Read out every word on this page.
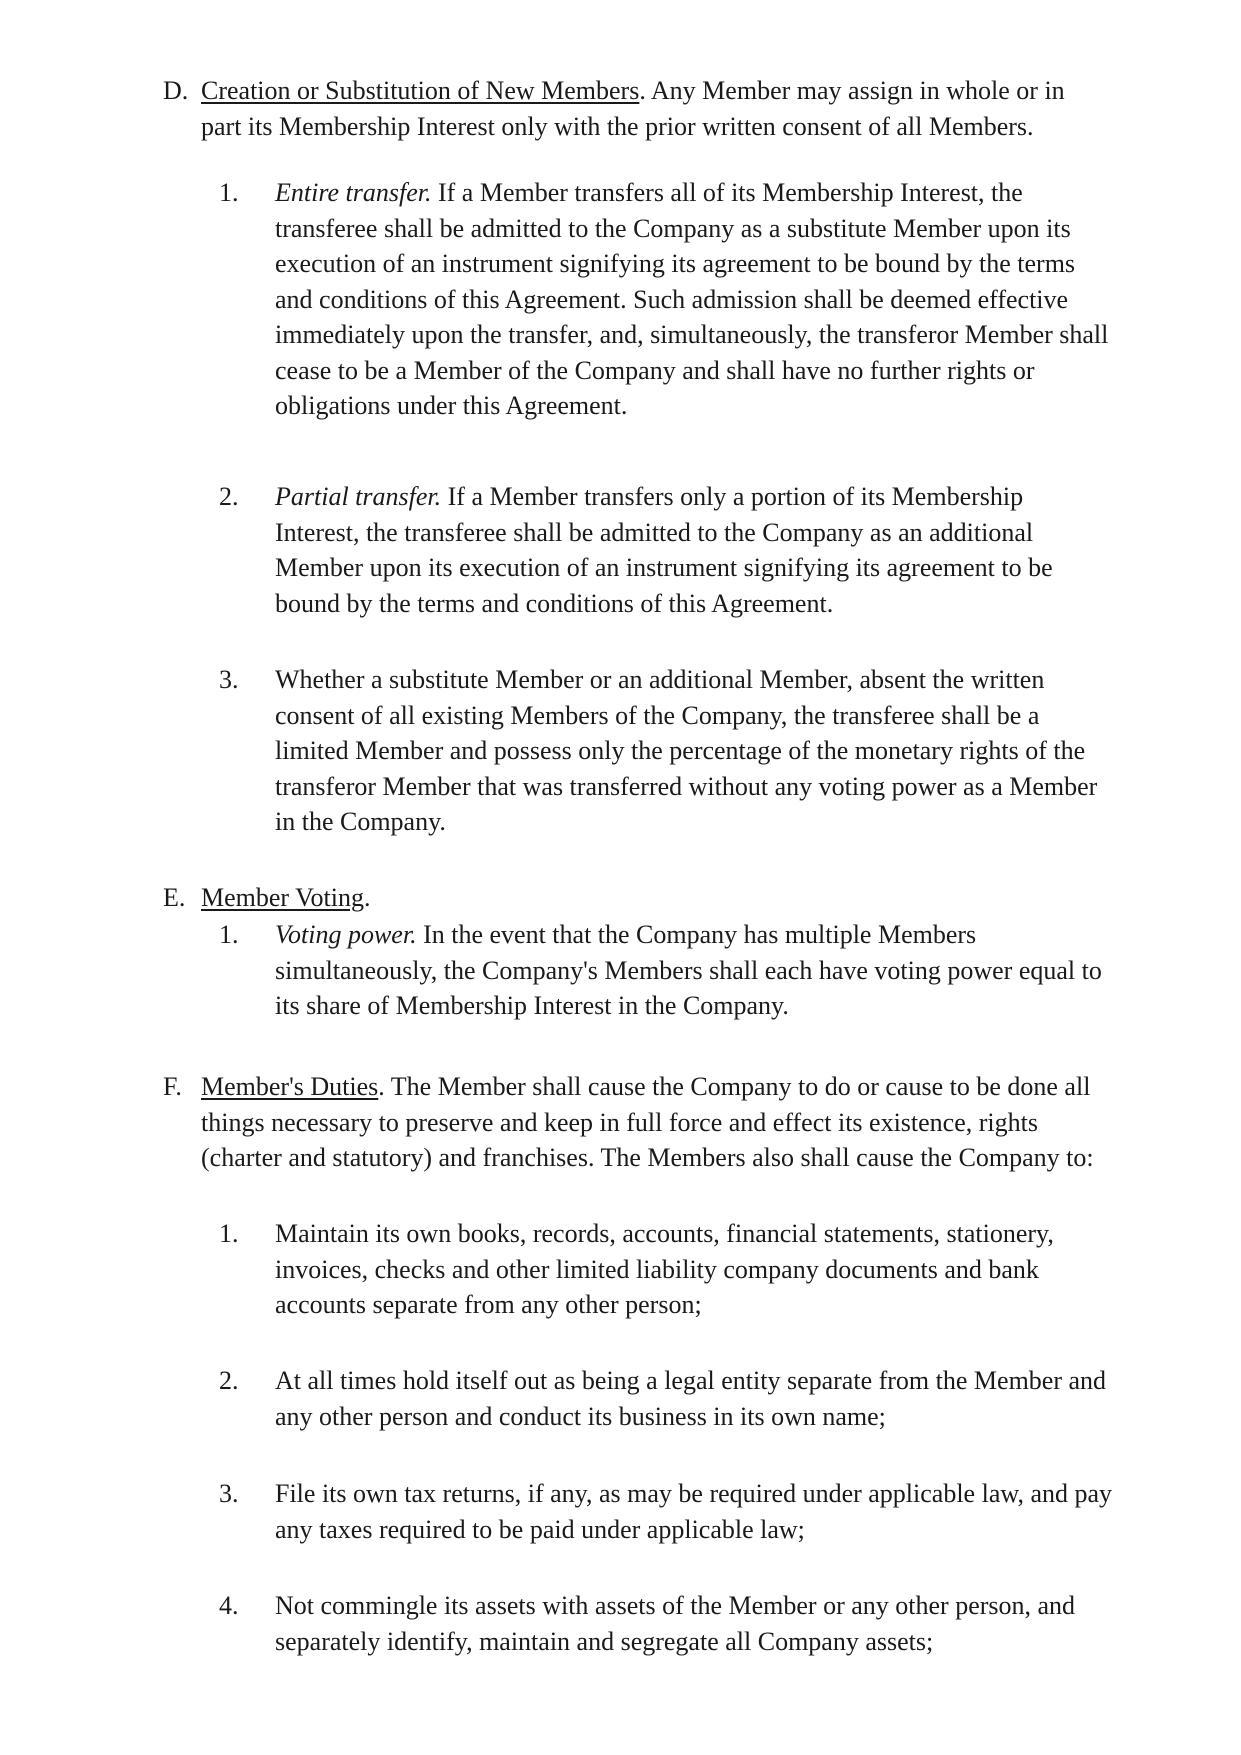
D. Creation or Substitution of New Members. Any Member may assign in whole or in
part its Membership Interest only with the prior written consent of all Members.
1. Entire transfer. If a Member transfers all of its Membership Interest, the
transferee shall be admitted to the Company as a substitute Member upon its
execution of an instrument signifying its agreement to be bound by the terms
and conditions of this Agreement. Such admission shall be deemed effective
immediately upon the transfer, and, simultaneously, the transferor Member shall
cease to be a Member of the Company and shall have no further rights or
obligations under this Agreement.
2. Partial transfer. If a Member transfers only a portion of its Membership
Interest, the transferee shall be admitted to the Company as an additional
Member upon its execution of an instrument signifying its agreement to be
bound by the terms and conditions of this Agreement.
3. Whether a substitute Member or an additional Member, absent the written
consent of all existing Members of the Company, the transferee shall be a
limited Member and possess only the percentage of the monetary rights of the
transferor Member that was transferred without any voting power as a Member
in the Company.
E. Member Voting.
1. Voting power. In the event that the Company has multiple Members
simultaneously, the Company's Members shall each have voting power equal to
its share of Membership Interest in the Company.
F. Member's Duties. The Member shall cause the Company to do or cause to be done all
things necessary to preserve and keep in full force and effect its existence, rights
(charter and statutory) and franchises. The Members also shall cause the Company to:
1. Maintain its own books, records, accounts, financial statements, stationery,
invoices, checks and other limited liability company documents and bank
accounts separate from any other person;
2. At all times hold itself out as being a legal entity separate from the Member and
any other person and conduct its business in its own name;
3. File its own tax returns, if any, as may be required under applicable law, and pay
any taxes required to be paid under applicable law;
4. Not commingle its assets with assets of the Member or any other person, and
separately identify, maintain and segregate all Company assets;
